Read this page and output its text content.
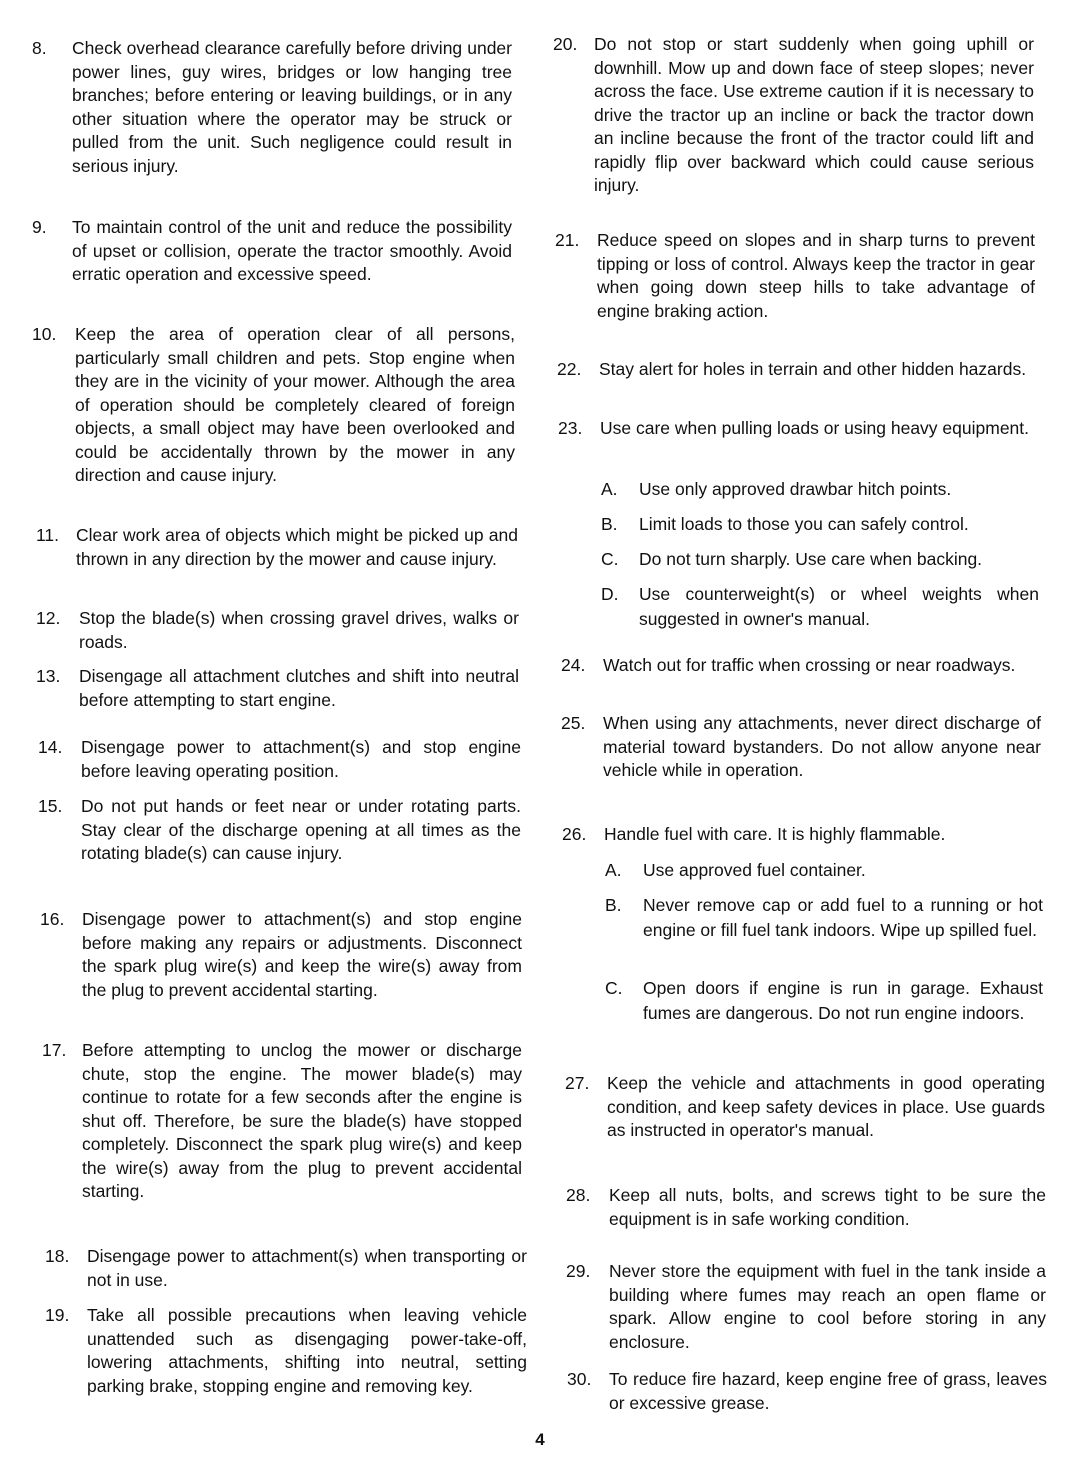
8. Check overhead clearance carefully before driving under power lines, guy wires, bridges or low hanging tree branches; before entering or leaving buildings, or in any other situation where the operator may be struck or pulled from the unit. Such negligence could result in serious injury.
9. To maintain control of the unit and reduce the possibility of upset or collision, operate the tractor smoothly. Avoid erratic operation and excessive speed.
10. Keep the area of operation clear of all persons, particularly small children and pets. Stop engine when they are in the vicinity of your mower. Although the area of operation should be completely cleared of foreign objects, a small object may have been overlooked and could be accidentally thrown by the mower in any direction and cause injury.
11. Clear work area of objects which might be picked up and thrown in any direction by the mower and cause injury.
12. Stop the blade(s) when crossing gravel drives, walks or roads.
13. Disengage all attachment clutches and shift into neutral before attempting to start engine.
14. Disengage power to attachment(s) and stop engine before leaving operating position.
15. Do not put hands or feet near or under rotating parts. Stay clear of the discharge opening at all times as the rotating blade(s) can cause injury.
16. Disengage power to attachment(s) and stop engine before making any repairs or adjustments. Disconnect the spark plug wire(s) and keep the wire(s) away from the plug to prevent accidental starting.
17. Before attempting to unclog the mower or discharge chute, stop the engine. The mower blade(s) may continue to rotate for a few seconds after the engine is shut off. Therefore, be sure the blade(s) have stopped completely. Disconnect the spark plug wire(s) and keep the wire(s) away from the plug to prevent accidental starting.
18. Disengage power to attachment(s) when transporting or not in use.
19. Take all possible precautions when leaving vehicle unattended such as disengaging power-take-off, lowering attachments, shifting into neutral, setting parking brake, stopping engine and removing key.
20. Do not stop or start suddenly when going uphill or downhill. Mow up and down face of steep slopes; never across the face. Use extreme caution if it is necessary to drive the tractor up an incline or back the tractor down an incline because the front of the tractor could lift and rapidly flip over backward which could cause serious injury.
21. Reduce speed on slopes and in sharp turns to prevent tipping or loss of control. Always keep the tractor in gear when going down steep hills to take advantage of engine braking action.
22. Stay alert for holes in terrain and other hidden hazards.
23. Use care when pulling loads or using heavy equipment.
A. Use only approved drawbar hitch points.
B. Limit loads to those you can safely control.
C. Do not turn sharply. Use care when backing.
D. Use counterweight(s) or wheel weights when suggested in owner's manual.
24. Watch out for traffic when crossing or near roadways.
25. When using any attachments, never direct discharge of material toward bystanders. Do not allow anyone near vehicle while in operation.
26. Handle fuel with care. It is highly flammable.
A. Use approved fuel container.
B. Never remove cap or add fuel to a running or hot engine or fill fuel tank indoors. Wipe up spilled fuel.
C. Open doors if engine is run in garage. Exhaust fumes are dangerous. Do not run engine indoors.
27. Keep the vehicle and attachments in good operating condition, and keep safety devices in place. Use guards as instructed in operator's manual.
28. Keep all nuts, bolts, and screws tight to be sure the equipment is in safe working condition.
29. Never store the equipment with fuel in the tank inside a building where fumes may reach an open flame or spark. Allow engine to cool before storing in any enclosure.
30. To reduce fire hazard, keep engine free of grass, leaves or excessive grease.
4
